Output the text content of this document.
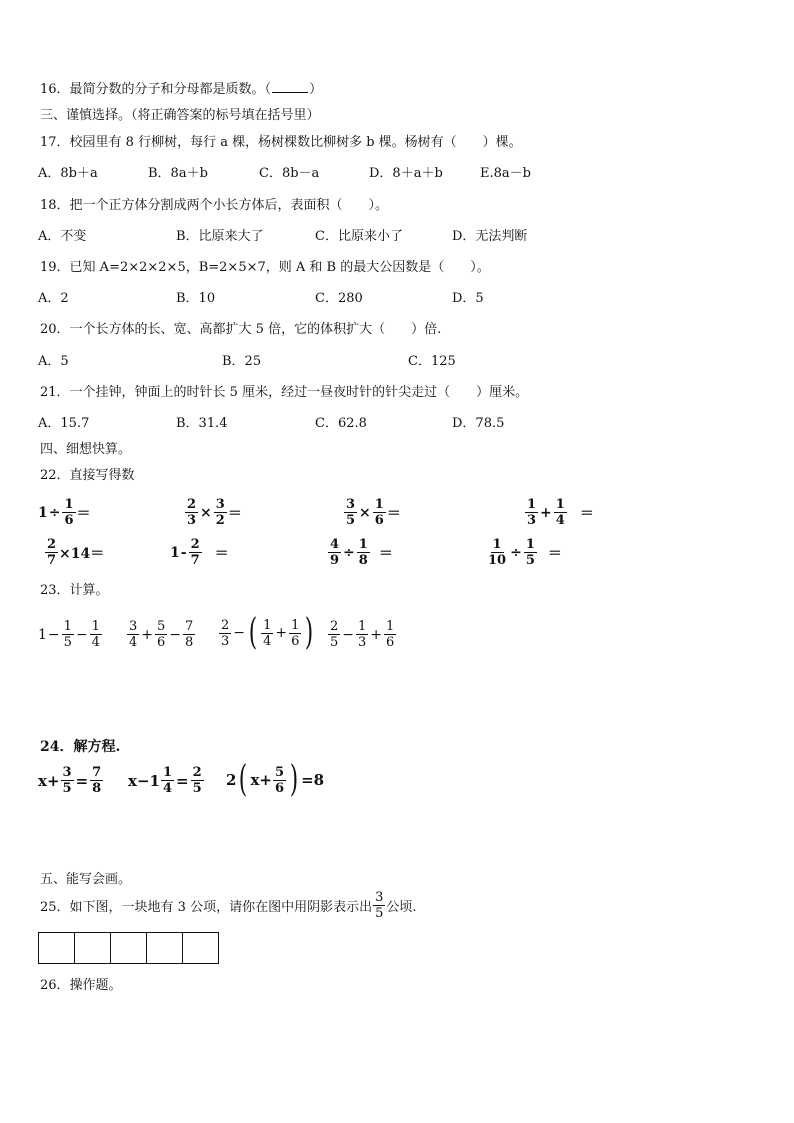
16．最简分数的分子和分母都是质数。（	）
三、谨慎选择。（将正确答案的标号填在括号里）
17．校园里有 8 行柳树，每行 a 棵，杨树棵数比柳树多 b 棵。杨树有（　　）棵。
A．8b＋a	B．8a＋b	C．8b－a	D．8＋a＋b	E.8a－b
18．把一个正方体分割成两个小长方体后，表面积（　　）。
A．不变	B．比原来大了	C．比原来小了	D．无法判断
19．已知 A=2×2×2×5，B=2×5×7，则 A 和 B 的最大公因数是（　　）。
A．2	B．10	C．280	D．5
20．一个长方体的长、宽、高都扩大 5 倍，它的体积扩大（　　）倍.
A．5	B．25	C．125
21．一个挂钟，钟面上的时针长 5 厘米，经过一昼夜时针的针尖走过（　　）厘米。
A．15.7	B．31.4	C．62.8	D．78.5
四、细想快算。
22．直接写得数
$1 \div \frac{1}{6}$ ＝	$\frac{2}{3} \times \frac{3}{2}$ ＝	$\frac{3}{5} \times \frac{1}{6}$ ＝	$\frac{1}{3} + \frac{1}{4}$ ＝
$\frac{2}{7} \times 14=$	$1 - \frac{2}{7}$ ＝	$\frac{4}{9} \div \frac{1}{8}$ ＝	$\frac{1}{10} \div \frac{1}{5}$ ＝
23．计算。
$1 - \frac{1}{5} - \frac{1}{4} \frac{3}{4} + \frac{5}{6} - \frac{7}{8} \frac{2}{3}$ − ( $\frac{1}{4} + \frac{1}{6}$ ) $\frac{2}{5} - \frac{1}{3} + \frac{1}{6}$
24．解方程.
$x+ \frac{3}{5} = \frac{7}{8} x-1 \frac{1}{4} = \frac{2}{5} 2$ ( $x+ \frac{5}{6}$ ) =8
五、能写会画。
25．如下图，一块地有 3 公项，请你在图中用阴影表示出 $\frac{3}{5}$ 公顷.
26．操作题。
